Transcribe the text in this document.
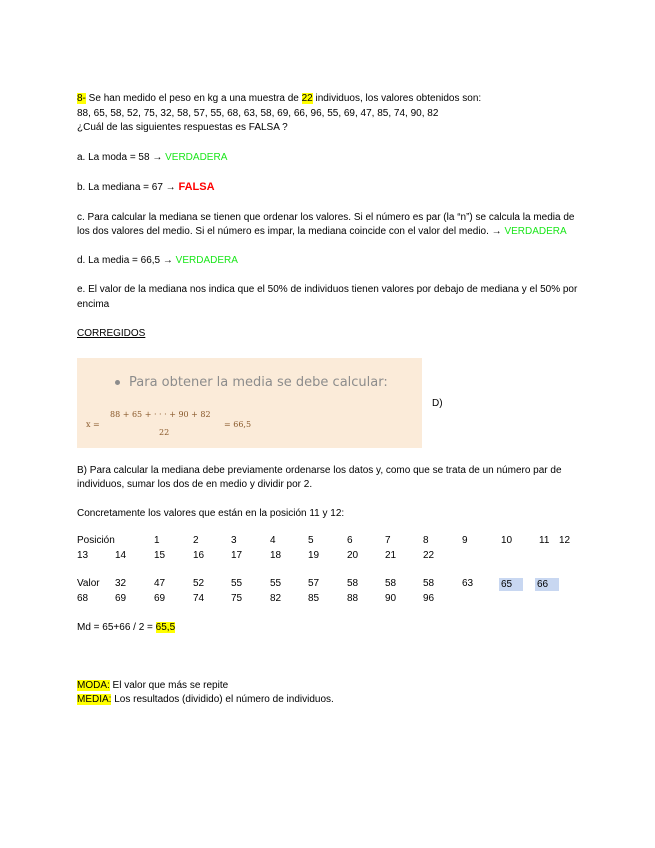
8- Se han medido el peso en kg a una muestra de 22 individuos, los valores obtenidos son:

88, 65, 58, 52, 75, 32, 58, 57, 55, 68, 63, 58, 69, 66, 96, 55, 69, 47, 85, 74, 90, 82

¿Cuál de las siguientes respuestas es FALSA ?

a. La moda = 58 → VERDADERA

b. La mediana = 67 → FALSA

c. Para calcular la mediana se tienen que ordenar los valores. Si el número es par (la “n”) se calcula la media de los dos valores del medio. Si el número es impar, la mediana coincide con el valor del medio. → VERDADERA

d. La media = 66,5 → VERDADERA

e. El valor de la mediana nos indica que el 50% de individuos tienen valores por debajo de mediana y el 50% por encima

CORREGIDOS

Para obtener la media se debe calcular:
x =
88 + 65 + · · · + 90 + 82
22
= 66,5
D)

B) Para calcular la mediana debe previamente ordenarse los datos y, como que se trata de un número par de individuos, sumar los dos de en medio y dividir por 2.

Concretamente los valores que están en la posición 11 y 12:

Posición	1	2	3	4	5	6	7	8	9	10	11 12
13	14	15	16	17	18	19	20	21	22
Valor 32	47	52	55	55	57	58	58	58	63	65	66
68	69	69	74	75	82	85	88	90	96

Md = 65+66 / 2 = 65,5

MODA: El valor que más se repite

MEDIA: Los resultados (dividido) el número de individuos.
